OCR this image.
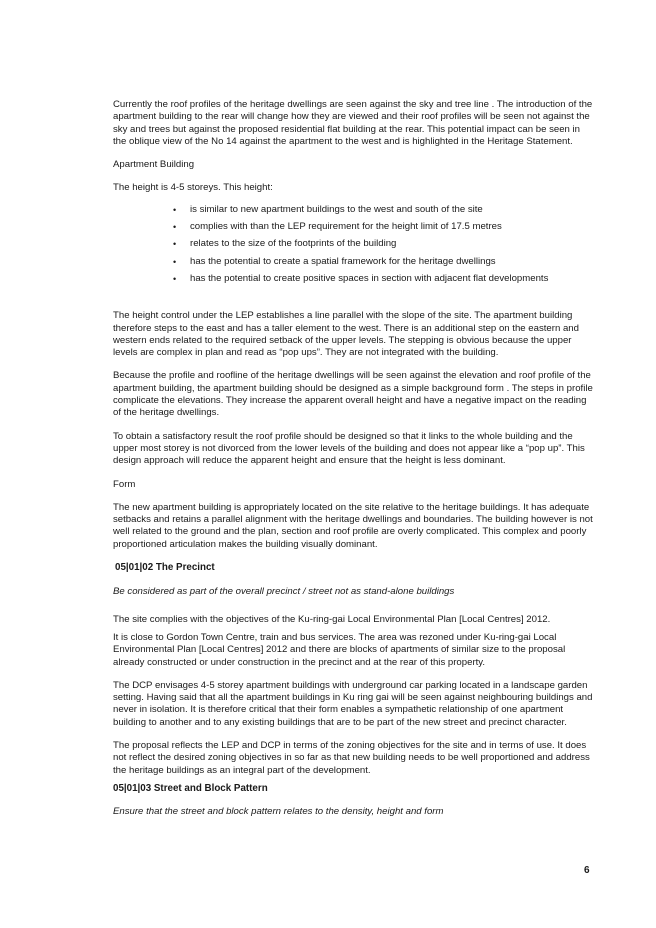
Currently the roof profiles of the heritage dwellings are seen against the sky and tree line . The introduction of the apartment building to the rear will change how they are viewed and their roof profiles will be seen not against the sky and trees but against the proposed residential flat building at the rear. This potential impact can be seen in the oblique view of the No 14 against the apartment to the west and is highlighted in the Heritage Statement.

Apartment Building

The height is 4-5 storeys. This height:

• is similar to new apartment buildings to the west and south of the site
• complies with than the LEP requirement for the height limit of 17.5 metres
• relates to the size of the footprints of the building
• has the potential to create a spatial framework for the heritage dwellings
• has the potential to create positive spaces in section with adjacent flat developments

The height control under the LEP establishes a line parallel with the slope of the site. The apartment building therefore steps to the east and has a taller element to the west. There is an additional step on the eastern and western ends related to the required setback of the upper levels. The stepping is obvious because the upper levels are complex in plan and read as “pop ups”. They are not integrated with the building.

Because the profile and roofline of the heritage dwellings will be seen against the elevation and roof profile of the apartment building, the apartment building should be designed as a simple background form . The steps in profile complicate the elevations. They increase the apparent overall height and have a negative impact on the reading of the heritage dwellings.

To obtain a satisfactory result the roof profile should be designed so that it links to the whole building and the upper most storey is not divorced from the lower levels of the building and does not appear like a “pop up”. This design approach will reduce the apparent height and ensure that the height is less dominant.

Form

The new apartment building is appropriately located on the site relative to the heritage buildings. It has adequate setbacks and retains a parallel alignment with the heritage dwellings and boundaries. The building however is not well related to the ground and the plan, section and roof profile are overly complicated. This complex and poorly proportioned articulation makes the building visually dominant.

05|01|02 The Precinct

Be considered as part of the overall precinct / street not as stand-alone buildings

The site complies with the objectives of the Ku-ring-gai Local Environmental Plan [Local Centres] 2012.

It is close to Gordon Town Centre, train and bus services. The area was rezoned under Ku-ring-gai Local Environmental Plan [Local Centres] 2012 and there are blocks of apartments of similar size to the proposal already constructed or under construction in the precinct and at the rear of this property.

The DCP envisages 4-5 storey apartment buildings with underground car parking located in a landscape garden setting. Having said that all the apartment buildings in Ku ring gai will be seen against neighbouring buildings and never in isolation. It is therefore critical that their form enables a sympathetic relationship of one apartment building to another and to any existing buildings that are to be part of the new street and precinct character.

The proposal reflects the LEP and DCP in terms of the zoning objectives for the site and in terms of use. It does not reflect the desired zoning objectives in so far as that new building needs to be well proportioned and address the heritage buildings as an integral part of the development.

05|01|03 Street and Block Pattern

Ensure that the street and block pattern relates to the density, height and form

6
